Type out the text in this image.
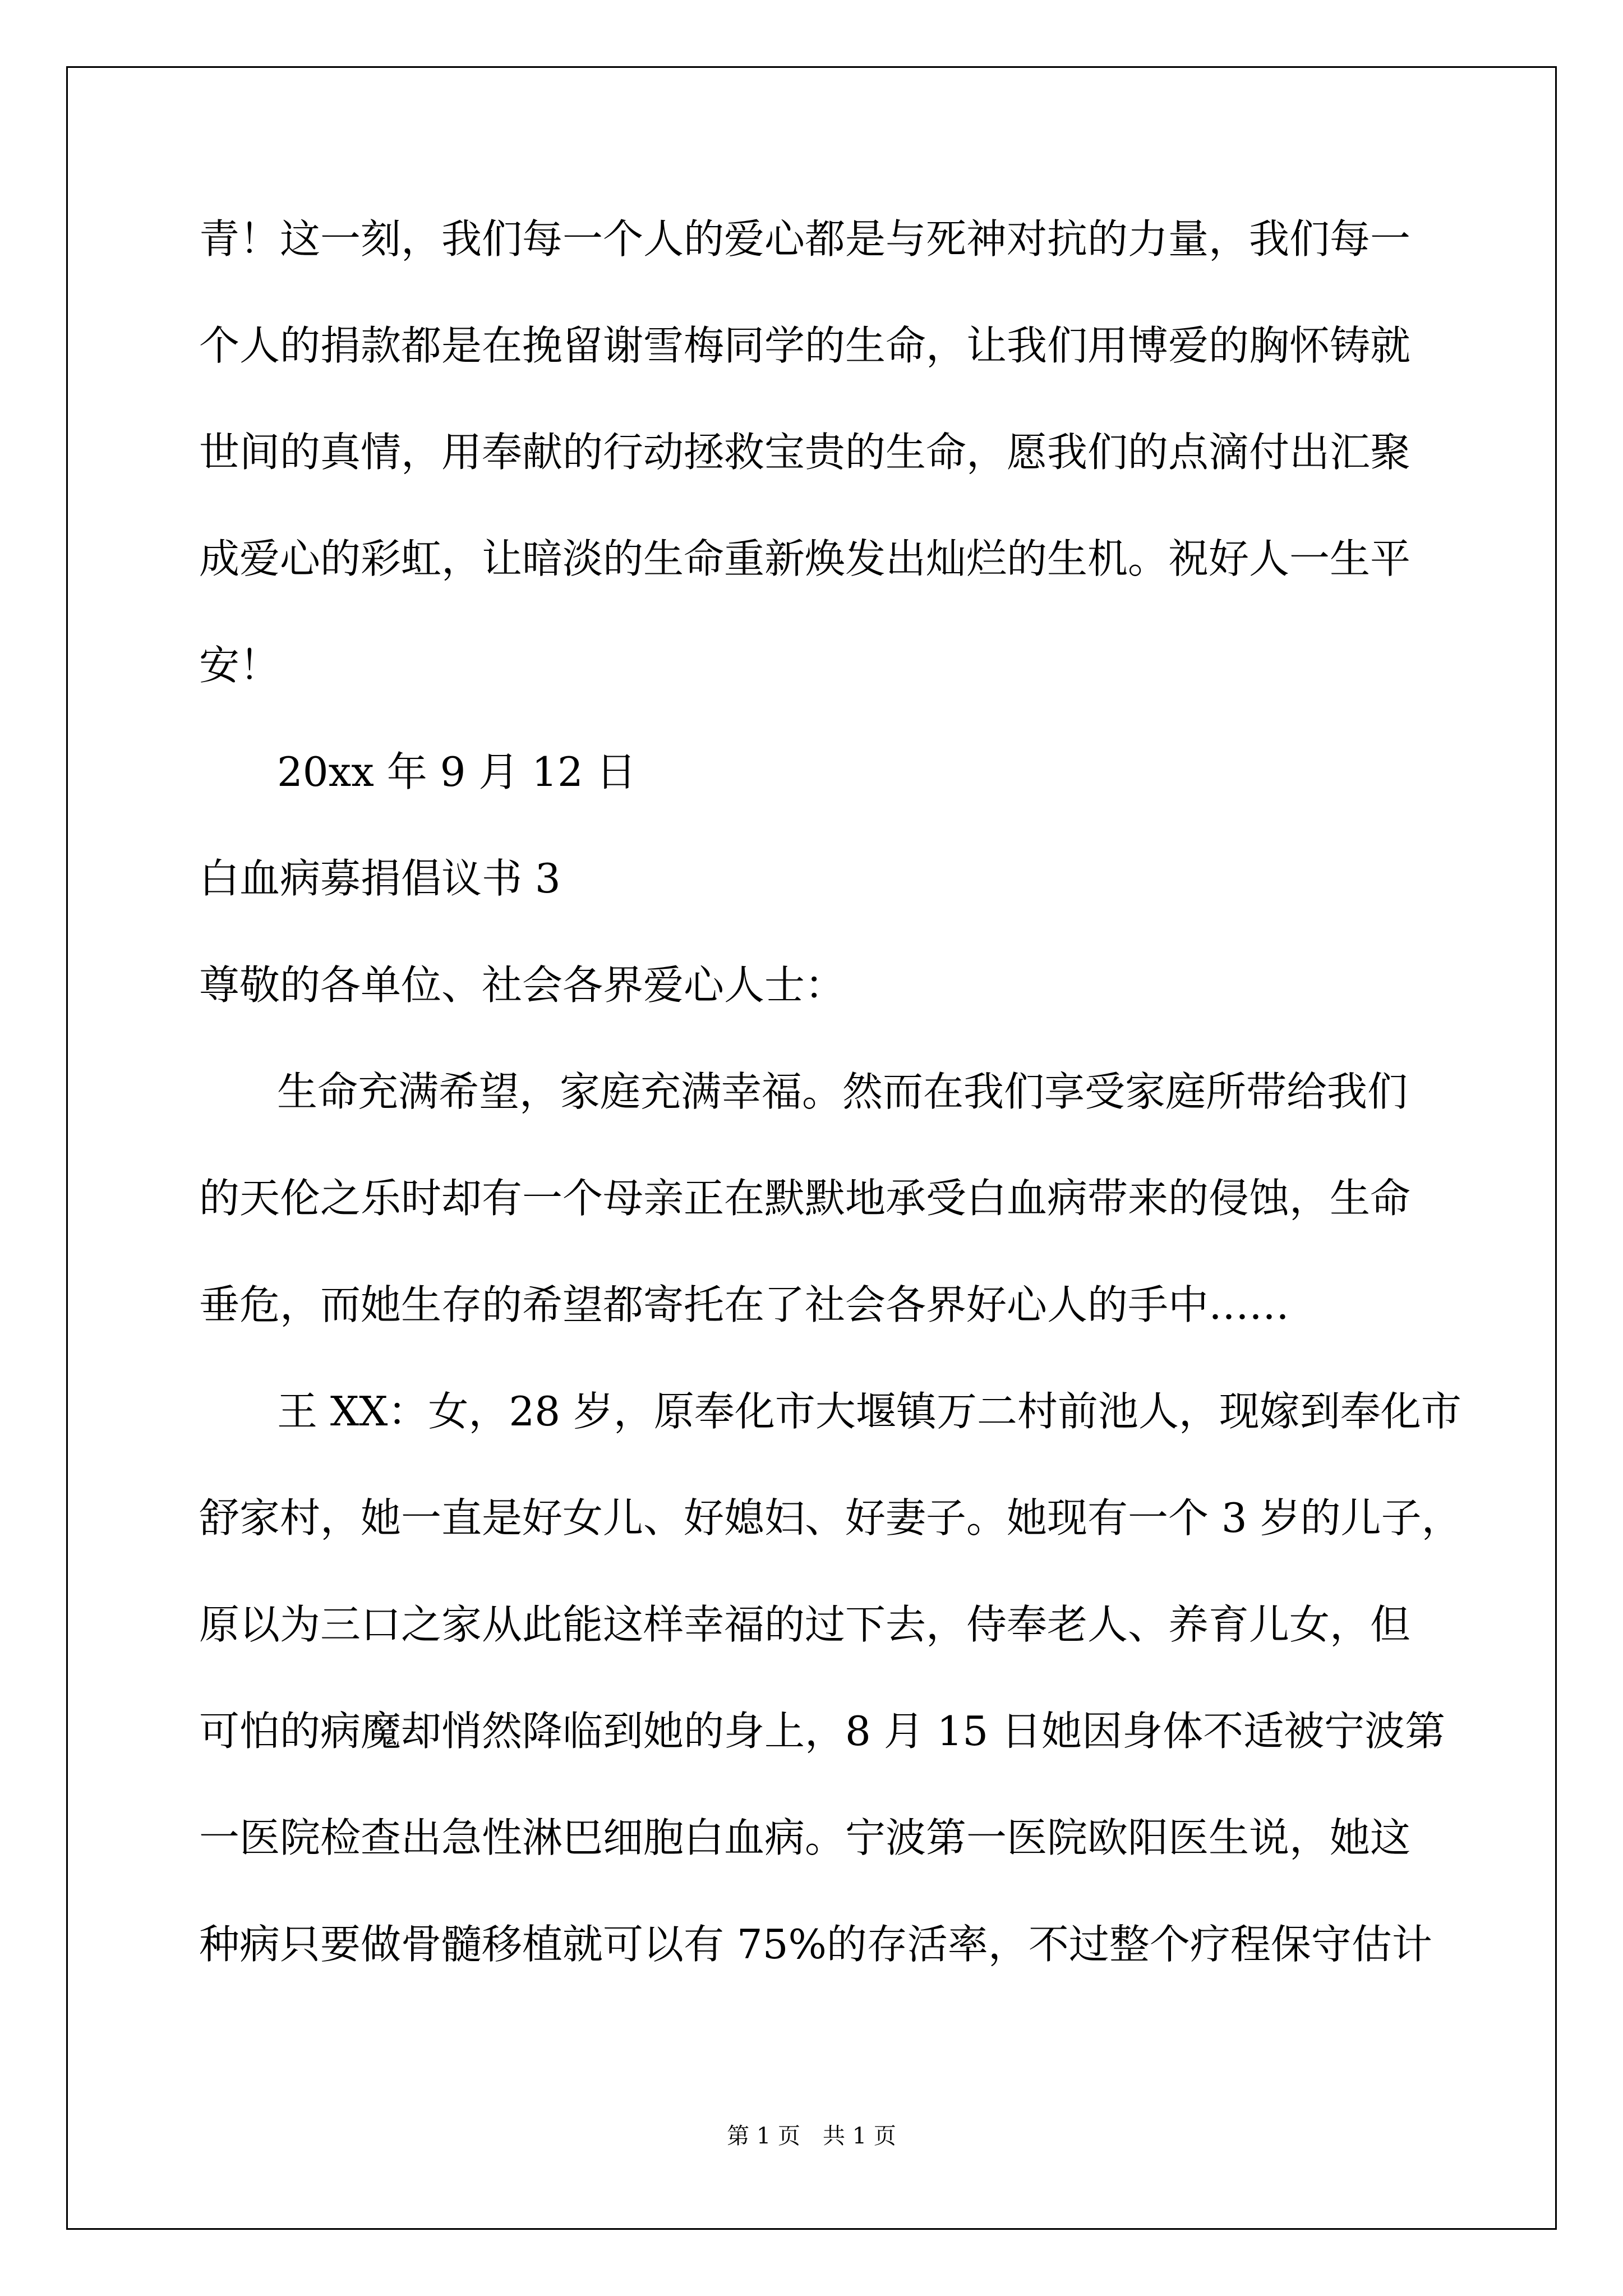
青！这一刻，我们每一个人的爱心都是与死神对抗的力量，我们每一
个人的捐款都是在挽留谢雪梅同学的生命，让我们用博爱的胸怀铸就
世间的真情，用奉献的行动拯救宝贵的生命，愿我们的点滴付出汇聚
成爱心的彩虹，让暗淡的生命重新焕发出灿烂的生机。祝好人一生平
安！
20xx 年 9 月 12 日
白血病募捐倡议书 3
尊敬的各单位、社会各界爱心人士：
生命充满希望，家庭充满幸福。然而在我们享受家庭所带给我们
的天伦之乐时却有一个母亲正在默默地承受白血病带来的侵蚀，生命
垂危，而她生存的希望都寄托在了社会各界好心人的手中……
王 XX：女，28 岁，原奉化市大堰镇万二村前池人，现嫁到奉化市
舒家村，她一直是好女儿、好媳妇、好妻子。她现有一个 3 岁的儿子，
原以为三口之家从此能这样幸福的过下去，侍奉老人、养育儿女，但
可怕的病魔却悄然降临到她的身上，8 月 15 日她因身体不适被宁波第
一医院检查出急性淋巴细胞白血病。宁波第一医院欧阳医生说，她这
种病只要做骨髓移植就可以有 75%的存活率，不过整个疗程保守估计
第 1 页　共 1 页
